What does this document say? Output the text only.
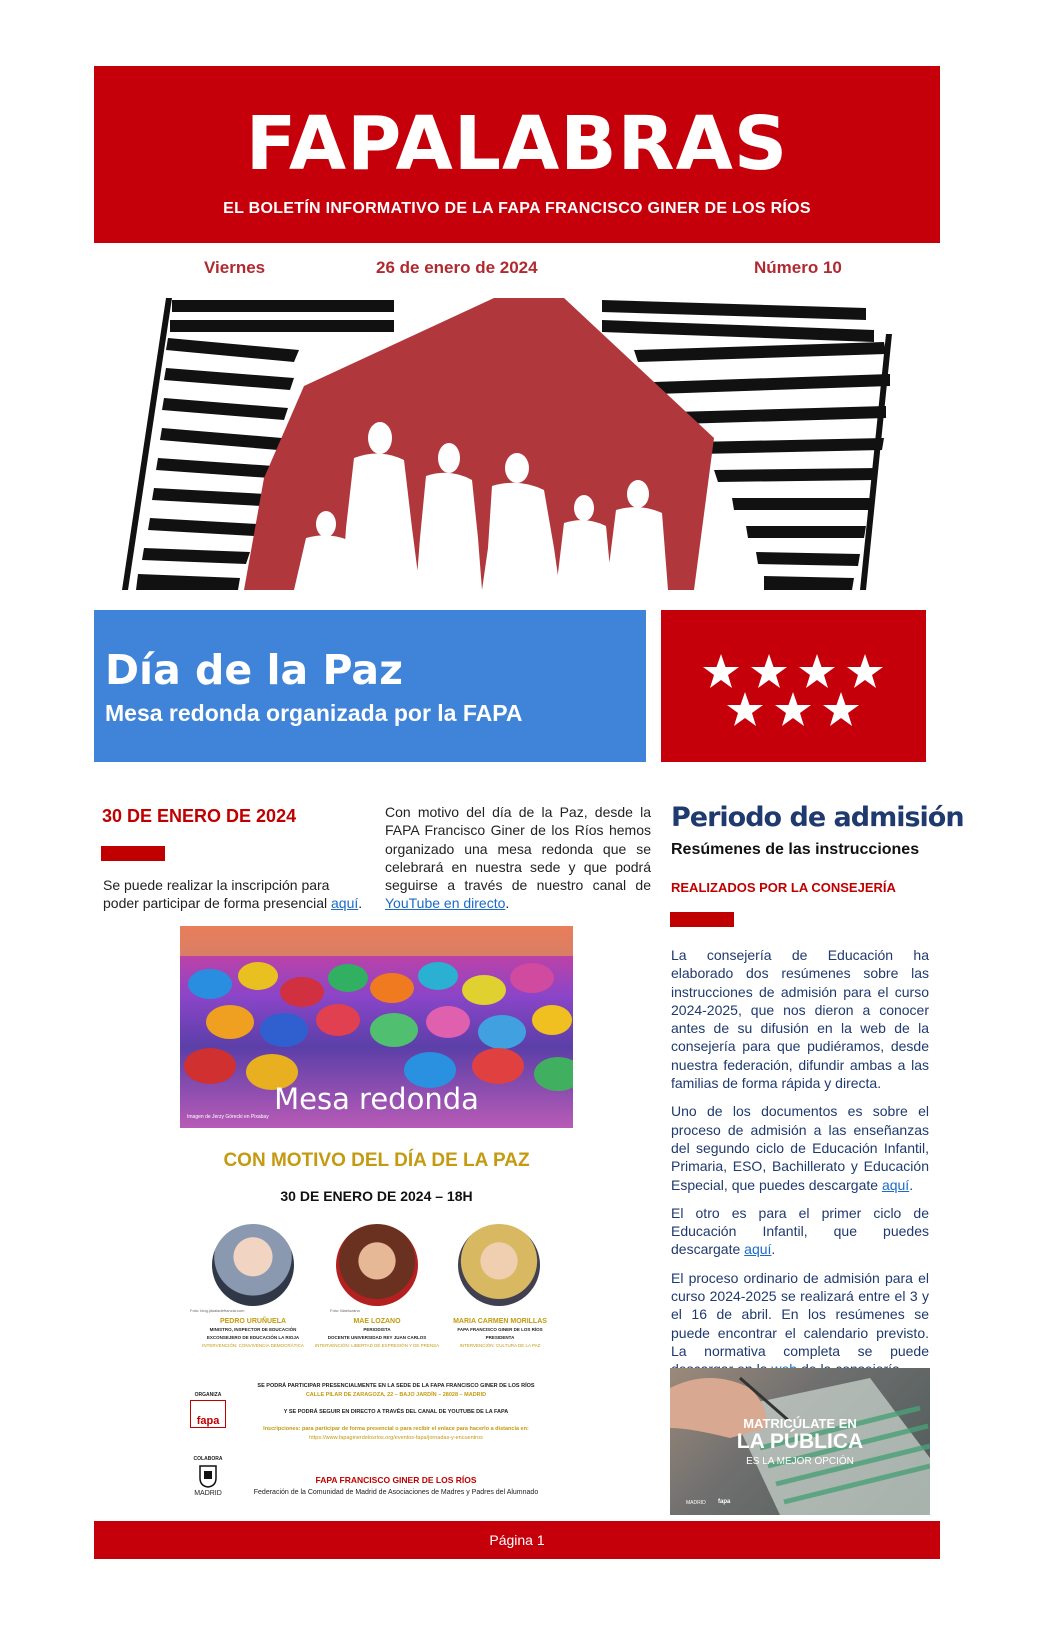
FAPALABRAS
EL BOLETÍN INFORMATIVO DE LA FAPA FRANCISCO GINER DE LOS RÍOS
Viernes	26 de enero de 2024	Número 10
Día de la Paz
Mesa redonda organizada por la FAPA
30 DE ENERO DE 2024

Se puede realizar la inscripción para poder participar de forma presencial aquí.

Con motivo del día de la Paz, desde la FAPA Francisco Giner de los Ríos hemos organizado una mesa redonda que se celebrará en nuestra sede y que podrá seguirse a través de nuestro canal de YouTube en directo.

Mesa redonda
Imagen de Jerzy Górecki en Pixabay
CON MOTIVO DEL DÍA DE LA PAZ
30 DE ENERO DE 2024 – 18H
Foto: blog.jdsaladefrancia.com	Foto: Maelozano
PEDRO URUÑUELA
MINISTRO, INSPECTOR DE EDUCACIÓN
EXCONSEJERO DE EDUCACIÓN LA RIOJA
INTERVENCIÓN: CONVIVENCIA DEMOCRÁTICA
MAE LOZANO
PERIODISTA
DOCENTE UNIVERSIDAD REY JUAN CARLOS
INTERVENCIÓN: LIBERTAD DE EXPRESIÓN Y DE PRENSA
MARIA CARMEN MORILLAS
FAPA FRANCISCO GINER DE LOS RÍOS
PRESIDENTA
INTERVENCIÓN: CULTURA DE LA PAZ
ORGANIZA
fapa
COLABORA
MADRID
SE PODRÁ PARTICIPAR PRESENCIALMENTE EN LA SEDE DE LA FAPA FRANCISCO GINER DE LOS RÍOS
CALLE PILAR DE ZARAGOZA, 22 – BAJO JARDÍN – 28028 – MADRID
Y SE PODRÁ SEGUIR EN DIRECTO A TRAVÉS DEL CANAL DE YOUTUBE DE LA FAPA
Inscripciones: para participar de forma presencial o para recibir el enlace para hacerlo a distancia en:
https://www.fapaginerdelosrios.org/eventos-fapa/jornadas-y-encuentros
FAPA FRANCISCO GINER DE LOS RÍOS
Federación de la Comunidad de Madrid de Asociaciones de Madres y Padres del Alumnado
Periodo de admisión
Resúmenes de las instrucciones
REALIZADOS POR LA CONSEJERÍA

La consejería de Educación ha elaborado dos resúmenes sobre las instrucciones de admisión para el curso 2024-2025, que nos dieron a conocer antes de su difusión en la web de la consejería para que pudiéramos, desde nuestra federación, difundir ambas a las familias de forma rápida y directa.

Uno de los documentos es sobre el proceso de admisión a las enseñanzas del segundo ciclo de Educación Infantil, Primaria, ESO, Bachillerato y Educación Especial, que puedes descargate aquí.

El otro es para el primer ciclo de Educación Infantil, que puedes descargate aquí.

El proceso ordinario de admisión para el curso 2024-2025 se realizará entre el 3 y el 16 de abril. En los resúmenes se puede encontrar el calendario previsto. La normativa completa se puede

MATRICÚLATE EN
LA PÚBLICA
ES LA MEJOR OPCIÓN
MADRID fapa
Página 1
